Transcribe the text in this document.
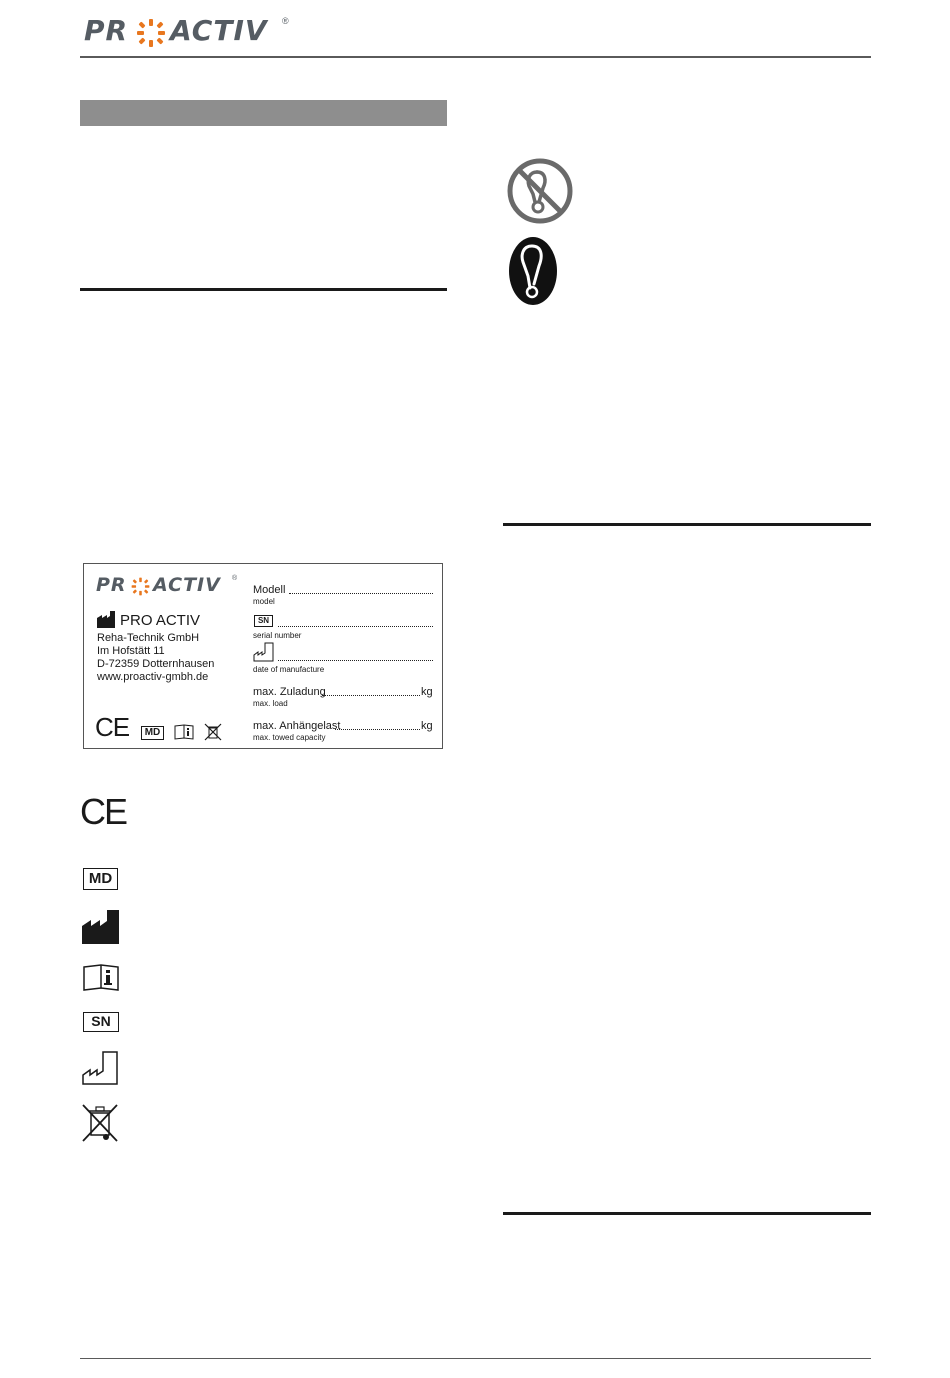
PR ACTIV ®
PR ACTIV ®
PRO ACTIV
Reha-Technik GmbH
Im Hofstätt 11
D-72359 Dotternhausen
www.proactiv-gmbh.de
CE	MD
Modell
model
SN
serial number
date of manufacture
max. Zuladung	kg
max. load
max. Anhängelast	kg
max. towed capacity
CE
MD
SN
